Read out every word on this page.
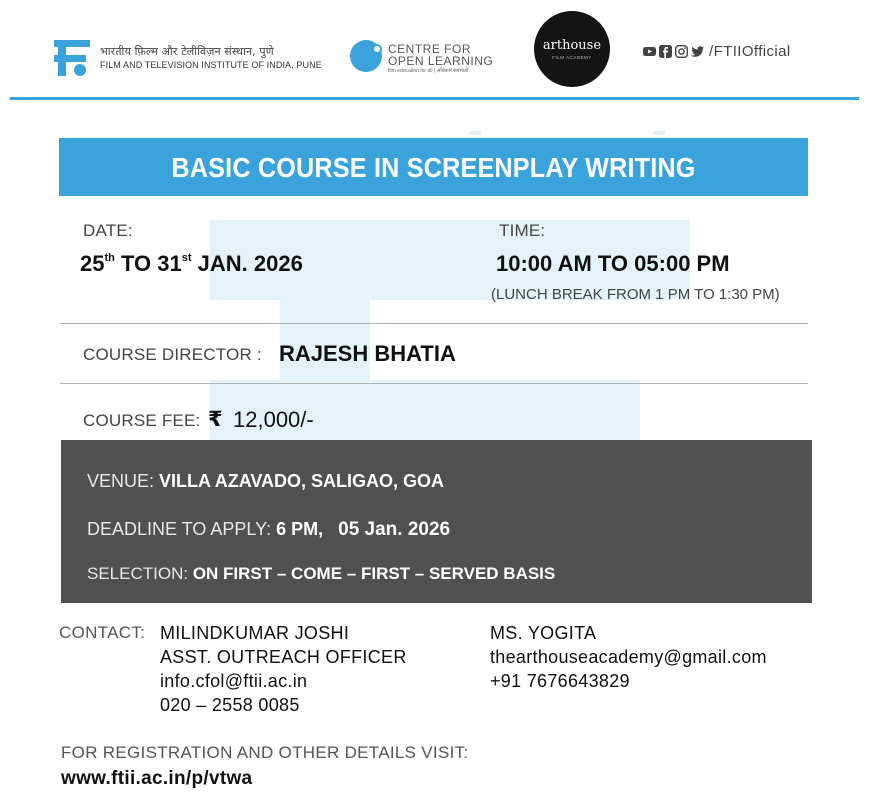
भारतीय फ़िल्म और टेलीविज़न संस्थान, पुणे
FILM AND TELEVISION INSTITUTE OF INDIA, PUNE
CENTRE FOR
OPEN LEARNING
film education for all | अधिकार सबसाठी
arthouse
FILM ACADEMY	/FTIIOfficial
BASIC COURSE IN SCREENPLAY WRITING
DATE:
25th TO 31st JAN. 2026
TIME:
10:00 AM TO 05:00 PM
(LUNCH BREAK FROM 1 PM TO 1:30 PM)
COURSE DIRECTOR : RAJESH BHATIA
COURSE FEE: ₹ 12,000/-
VENUE: VILLA AZAVADO, SALIGAO, GOA
DEADLINE TO APPLY: 6 PM, 05 Jan. 2026
SELECTION: ON FIRST – COME – FIRST – SERVED BASIS
CONTACT: MILINDKUMAR JOSHI
ASST. OUTREACH OFFICER
info.cfol@ftii.ac.in
020 – 2558 0085
MS. YOGITA
thearthouseacademy@gmail.com
+91 7676643829
FOR REGISTRATION AND OTHER DETAILS VISIT:
www.ftii.ac.in/p/vtwa
